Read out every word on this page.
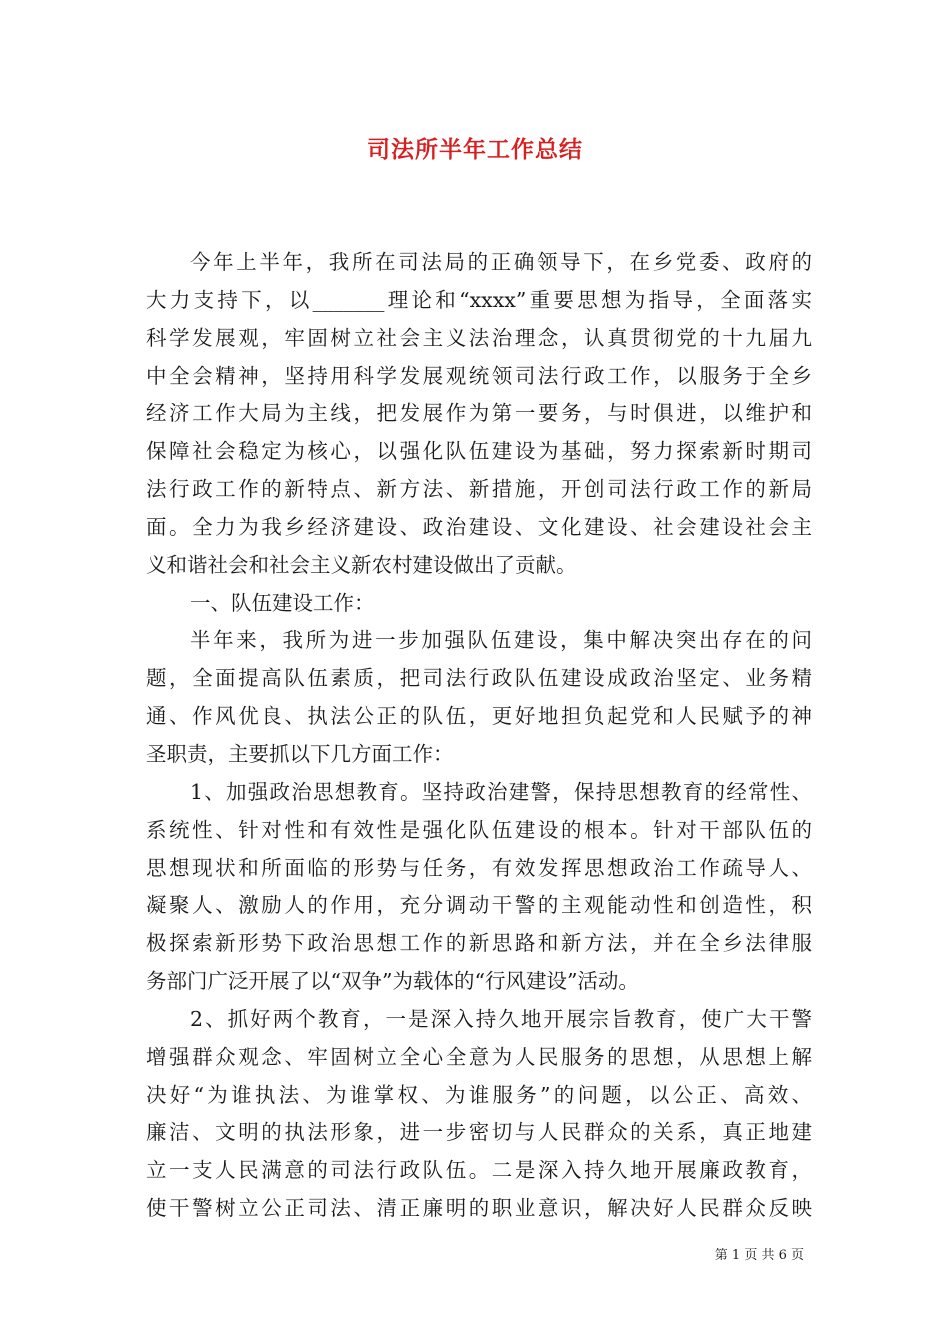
司法所半年工作总结
今年上半年，我所在司法局的正确领导下，在乡党委、政府的
大力支持下，以_______理论和“xxxx”重要思想为指导，全面落实
科学发展观，牢固树立社会主义法治理念，认真贯彻党的十九届九
中全会精神，坚持用科学发展观统领司法行政工作，以服务于全乡
经济工作大局为主线，把发展作为第一要务，与时俱进，以维护和
保障社会稳定为核心，以强化队伍建设为基础，努力探索新时期司
法行政工作的新特点、新方法、新措施，开创司法行政工作的新局
面。全力为我乡经济建设、政治建设、文化建设、社会建设社会主
义和谐社会和社会主义新农村建设做出了贡献。
一、队伍建设工作：
半年来，我所为进一步加强队伍建设，集中解决突出存在的问
题，全面提高队伍素质，把司法行政队伍建设成政治坚定、业务精
通、作风优良、执法公正的队伍，更好地担负起党和人民赋予的神
圣职责，主要抓以下几方面工作：
1、加强政治思想教育。坚持政治建警，保持思想教育的经常性、
系统性、针对性和有效性是强化队伍建设的根本。针对干部队伍的
思想现状和所面临的形势与任务，有效发挥思想政治工作疏导人、
凝聚人、激励人的作用，充分调动干警的主观能动性和创造性，积
极探索新形势下政治思想工作的新思路和新方法，并在全乡法律服
务部门广泛开展了以“双争”为载体的“行风建设”活动。
2、抓好两个教育，一是深入持久地开展宗旨教育，使广大干警
增强群众观念、牢固树立全心全意为人民服务的思想，从思想上解
决好“为谁执法、为谁掌权、为谁服务”的问题，以公正、高效、
廉洁、文明的执法形象，进一步密切与人民群众的关系，真正地建
立一支人民满意的司法行政队伍。二是深入持久地开展廉政教育，
使干警树立公正司法、清正廉明的职业意识，解决好人民群众反映
第 1 页 共 6 页
